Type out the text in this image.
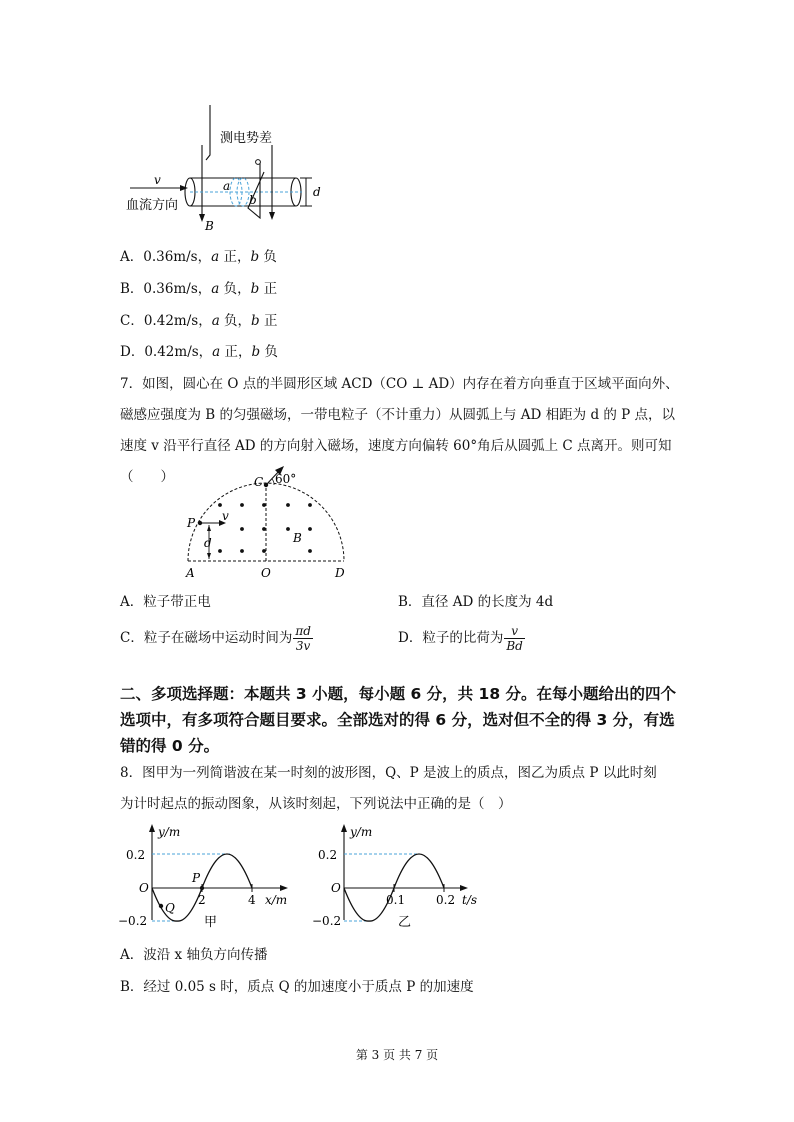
测电势差
v
血流方向
a
b
d
B
A．0.36m/s，a 正，b 负
B．0.36m/s，a 负，b 正
C．0.42m/s，a 负，b 正
D．0.42m/s，a 正，b 负
7．如图，圆心在 O 点的半圆形区域 ACD（CO ⊥ AD）内存在着方向垂直于区域平面向外、
磁感应强度为 B 的匀强磁场，一带电粒子（不计重力）从圆弧上与 AD 相距为 d 的 P 点，以
速度 v 沿平行直径 AD 的方向射入磁场，速度方向偏转 60°角后从圆弧上 C 点离开。则可知
（　　）	C 60°
P v
d	B
A	O	D
A．粒子带正电	B．直径 AD 的长度为 4d
C．粒子在磁场中运动时间为 $\frac{\pi d}{3v}$	D．粒子的比荷为 $\frac{v}{Bd}$
二、多项选择题：本题共 3 小题，每小题 6 分，共 18 分。在每小题给出的四个
选项中，有多项符合题目要求。全部选对的得 6 分，选对但不全的得 3 分，有选
错的得 0 分。
8．图甲为一列简谐波在某一时刻的波形图，Q、P 是波上的质点，图乙为质点 P 以此时刻
为计时起点的振动图象，从该时刻起，下列说法中正确的是（　）
y/m
0.2
−0.2
O
2	4 x/m
P
Q
甲
y/m
0.2
−0.2
O
0.1	0.2 t/s
乙
A．波沿 x 轴负方向传播
B．经过 0.05 s 时，质点 Q 的加速度小于质点 P 的加速度
第 3 页 共 7 页
